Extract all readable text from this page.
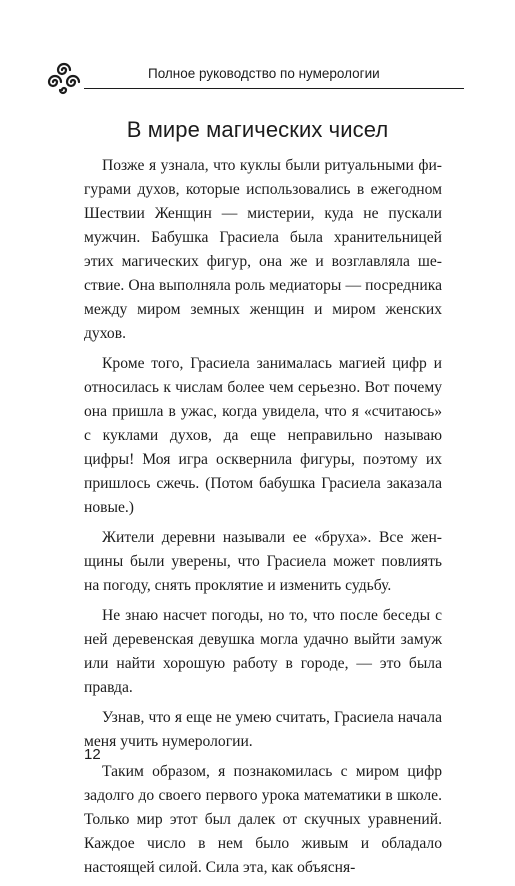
Полное руководство по нумерологии
В мире магических чисел

Позже я узнала, что куклы были ритуальными фигурами духов, которые использовались в ежегодном Шествии Женщин — мистерии, куда не пускали мужчин. Бабушка Грасиела была хранительницей этих магических фигур, она же и возглавляла шествие. Она выполняла роль медиаторы — посредника между миром земных женщин и миром женских духов.

Кроме того, Грасиела занималась магией цифр и относилась к числам более чем серьезно. Вот почему она пришла в ужас, когда увидела, что я «считаюсь» с куклами духов, да еще неправильно называю цифры! Моя игра осквернила фигуры, поэтому их пришлось сжечь. (Потом бабушка Грасиела заказала новые.)

Жители деревни называли ее «бруха». Все женщины были уверены, что Грасиела может повлиять на погоду, снять проклятие и изменить судьбу.

Не знаю насчет погоды, но то, что после беседы с ней деревенская девушка могла удачно выйти замуж или найти хорошую работу в городе, — это была правда.

Узнав, что я еще не умею считать, Грасиела начала меня учить нумерологии.

Таким образом, я познакомилась с миром цифр задолго до своего первого урока математики в школе. Только мир этот был далек от скучных уравнений. Каждое число в нем было живым и обладало настоящей силой. Сила эта, как объясня-

12
